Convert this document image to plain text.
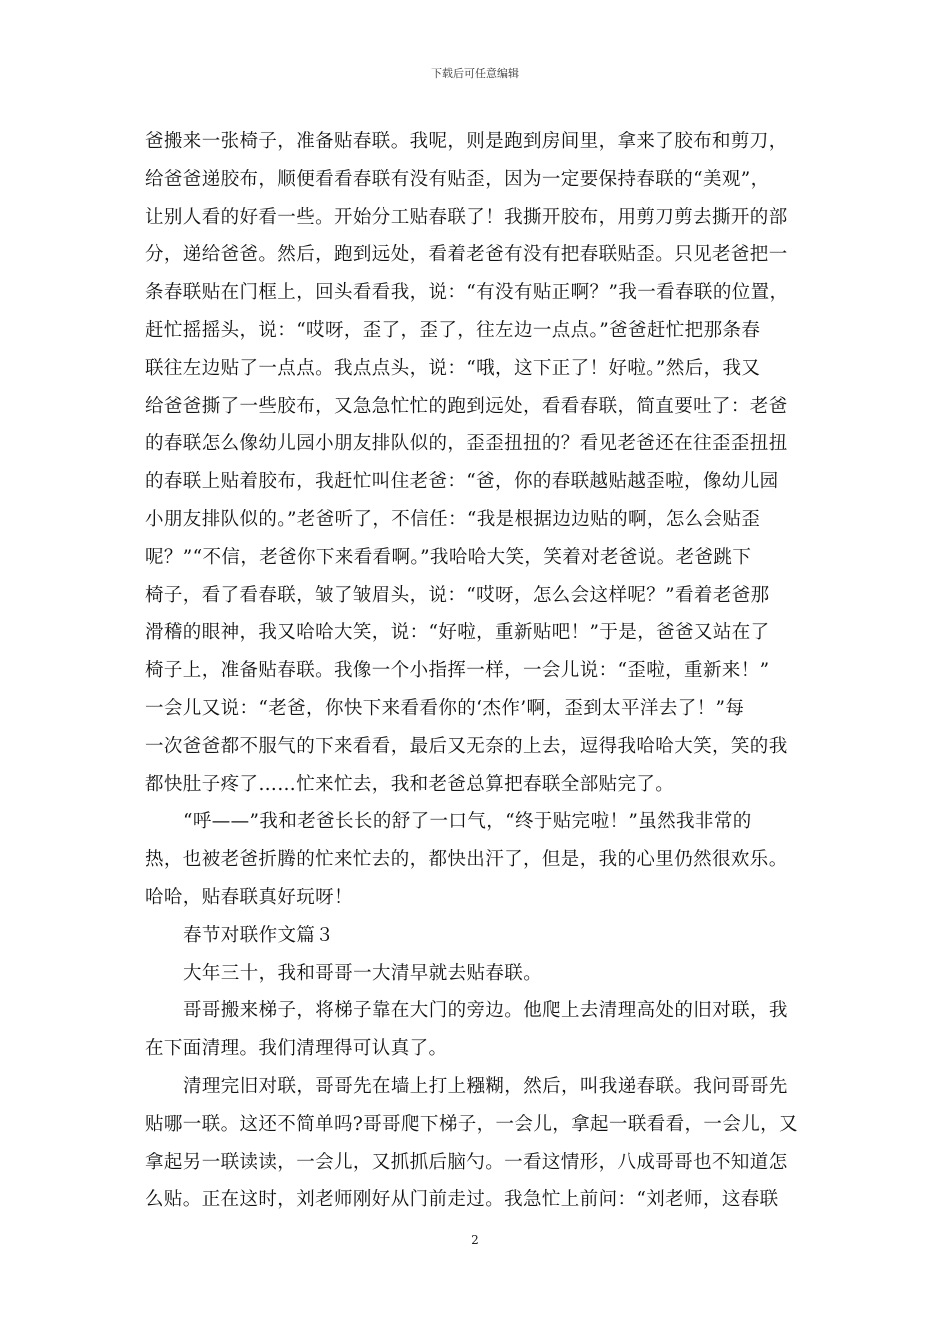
下载后可任意编辑
爸搬来一张椅子，准备贴春联。我呢，则是跑到房间里，拿来了胶布和剪刀，
给爸爸递胶布，顺便看看春联有没有贴歪，因为一定要保持春联的“美观”，
让别人看的好看一些。开始分工贴春联了！我撕开胶布，用剪刀剪去撕开的部
分，递给爸爸。然后，跑到远处，看着老爸有没有把春联贴歪。只见老爸把一
条春联贴在门框上，回头看看我，说：“有没有贴正啊？”我一看春联的位置，
赶忙摇摇头，说：“哎呀，歪了，歪了，往左边一点点。”爸爸赶忙把那条春
联往左边贴了一点点。我点点头，说：“哦，这下正了！好啦。”然后，我又
给爸爸撕了一些胶布，又急急忙忙的跑到远处，看看春联，简直要吐了：老爸
的春联怎么像幼儿园小朋友排队似的，歪歪扭扭的？看见老爸还在往歪歪扭扭
的春联上贴着胶布，我赶忙叫住老爸：“爸，你的春联越贴越歪啦，像幼儿园
小朋友排队似的。”老爸听了，不信任：“我是根据边边贴的啊，怎么会贴歪
呢？”“不信，老爸你下来看看啊。”我哈哈大笑，笑着对老爸说。老爸跳下
椅子，看了看春联，皱了皱眉头，说：“哎呀，怎么会这样呢？”看着老爸那
滑稽的眼神，我又哈哈大笑，说：“好啦，重新贴吧！”于是，爸爸又站在了
椅子上，准备贴春联。我像一个小指挥一样，一会儿说：“歪啦，重新来！”
一会儿又说：“老爸，你快下来看看你的‘杰作’啊，歪到太平洋去了！”每
一次爸爸都不服气的下来看看，最后又无奈的上去，逗得我哈哈大笑，笑的我
都快肚子疼了……忙来忙去，我和老爸总算把春联全部贴完了。
“呼——”我和老爸长长的舒了一口气，“终于贴完啦！”虽然我非常的
热，也被老爸折腾的忙来忙去的，都快出汗了，但是，我的心里仍然很欢乐。
哈哈，贴春联真好玩呀！
春节对联作文篇３
大年三十，我和哥哥一大清早就去贴春联。
哥哥搬来梯子，将梯子靠在大门的旁边。他爬上去清理高处的旧对联，我
在下面清理。我们清理得可认真了。
清理完旧对联，哥哥先在墙上打上糨糊，然后，叫我递春联。我问哥哥先
贴哪一联。这还不简单吗?哥哥爬下梯子，一会儿，拿起一联看看，一会儿，又
拿起另一联读读，一会儿，又抓抓后脑勺。一看这情形，八成哥哥也不知道怎
么贴。正在这时，刘老师刚好从门前走过。我急忙上前问：“刘老师，这春联
2
